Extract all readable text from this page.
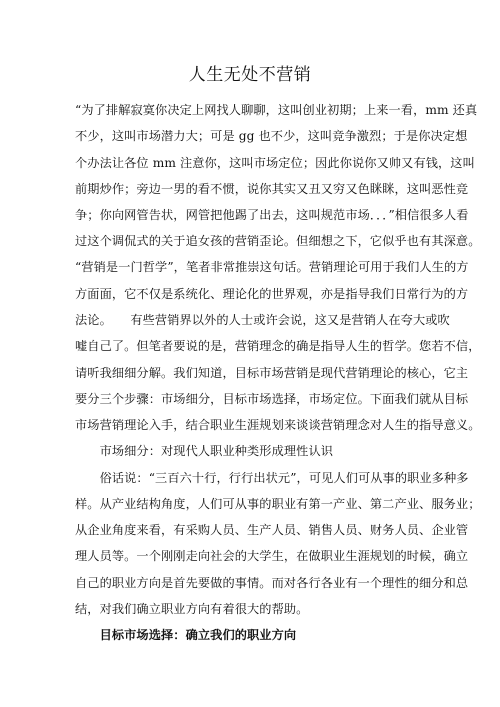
人生无处不营销
“为了排解寂寞你决定上网找人聊聊，这叫创业初期；上来一看，mm 还真
不少，这叫市场潜力大；可是 gg 也不少，这叫竞争激烈；于是你决定想
个办法让各位 mm 注意你，这叫市场定位；因此你说你又帅又有钱，这叫
前期炒作；旁边一男的看不惯，说你其实又丑又穷又色眯眯，这叫恶性竞
争；你向网管告状，网管把他踢了出去，这叫规范市场．．．”相信很多人看
过这个调侃式的关于追女孩的营销歪论。但细想之下，它似乎也有其深意。
“营销是一门哲学”，笔者非常推崇这句话。营销理论可用于我们人生的方
方面面，它不仅是系统化、理论化的世界观，亦是指导我们日常行为的方
法论。　　有些营销界以外的人士或许会说，这又是营销人在夸大或吹
嘘自己了。但笔者要说的是，营销理念的确是指导人生的哲学。您若不信，
请听我细细分解。我们知道，目标市场营销是现代营销理论的核心，它主
要分三个步骤：市场细分，目标市场选择，市场定位。下面我们就从目标
市场营销理论入手，结合职业生涯规划来谈谈营销理念对人生的指导意义。
　　市场细分：对现代人职业种类形成理性认识
　　俗话说：“三百六十行，行行出状元”，可见人们可从事的职业多种多
样。从产业结构角度，人们可从事的职业有第一产业、第二产业、服务业；
从企业角度来看，有采购人员、生产人员、销售人员、财务人员、企业管
理人员等。一个刚刚走向社会的大学生，在做职业生涯规划的时候，确立
自己的职业方向是首先要做的事情。而对各行各业有一个理性的细分和总
结，对我们确立职业方向有着很大的帮助。
　　目标市场选择：确立我们的职业方向
